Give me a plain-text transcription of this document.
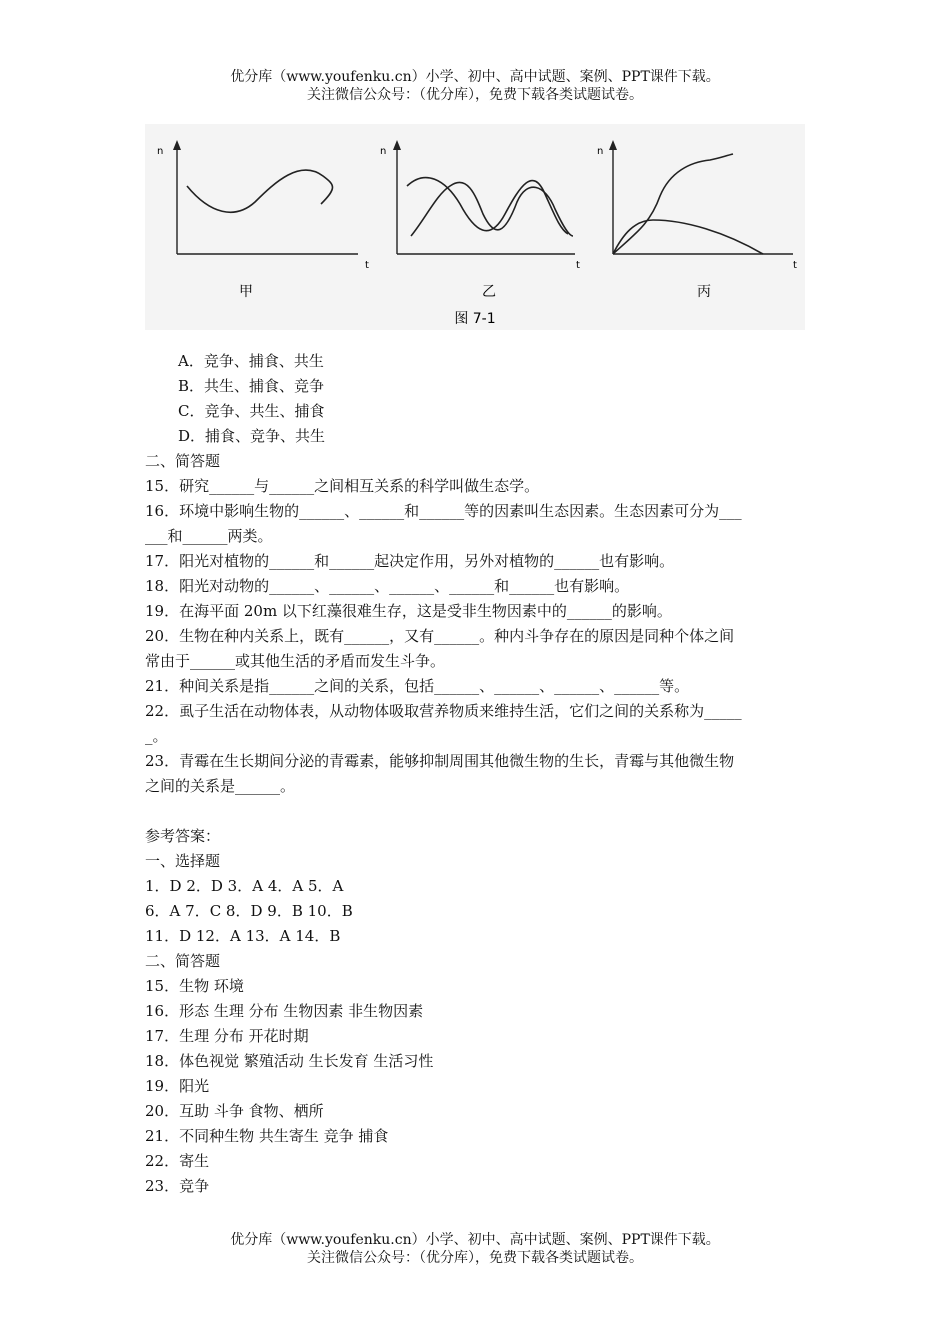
优分库（www.youfenku.cn）小学、初中、高中试题、案例、PPT课件下载。
关注微信公众号：（优分库），免费下载各类试题试卷。
n
t
甲
n
t
乙
n
t
丙
图 7-1
A．竞争、捕食、共生
B．共生、捕食、竞争
C．竞争、共生、捕食
D．捕食、竞争、共生
二、简答题
15．研究______与______之间相互关系的科学叫做生态学。
16．环境中影响生物的______、______和______等的因素叫生态因素。生态因素可分为___
___和______两类。
17．阳光对植物的______和______起决定作用，另外对植物的______也有影响。
18．阳光对动物的______、______、______、______和______也有影响。
19．在海平面 20m 以下红藻很难生存，这是受非生物因素中的______的影响。
20．生物在种内关系上，既有______，又有______。种内斗争存在的原因是同种个体之间
常由于______或其他生活的矛盾而发生斗争。
21．种间关系是指______之间的关系，包括______、______、______、______等。
22．虱子生活在动物体表，从动物体吸取营养物质来维持生活，它们之间的关系称为_____
_。
23．青霉在生长期间分泌的青霉素，能够抑制周围其他微生物的生长，青霉与其他微生物
之间的关系是______。
参考答案：
一、选择题
1．D 2．D 3．A 4．A 5．A
6．A 7．C 8．D 9．B 10．B
11．D 12．A 13．A 14．B
二、简答题
15．生物 环境
16．形态 生理 分布 生物因素 非生物因素
17．生理 分布 开花时期
18．体色视觉 繁殖活动 生长发育 生活习性
19．阳光
20．互助 斗争 食物、栖所
21．不同种生物 共生寄生 竞争 捕食
22．寄生
23．竞争
优分库（www.youfenku.cn）小学、初中、高中试题、案例、PPT课件下载。
关注微信公众号：（优分库），免费下载各类试题试卷。
